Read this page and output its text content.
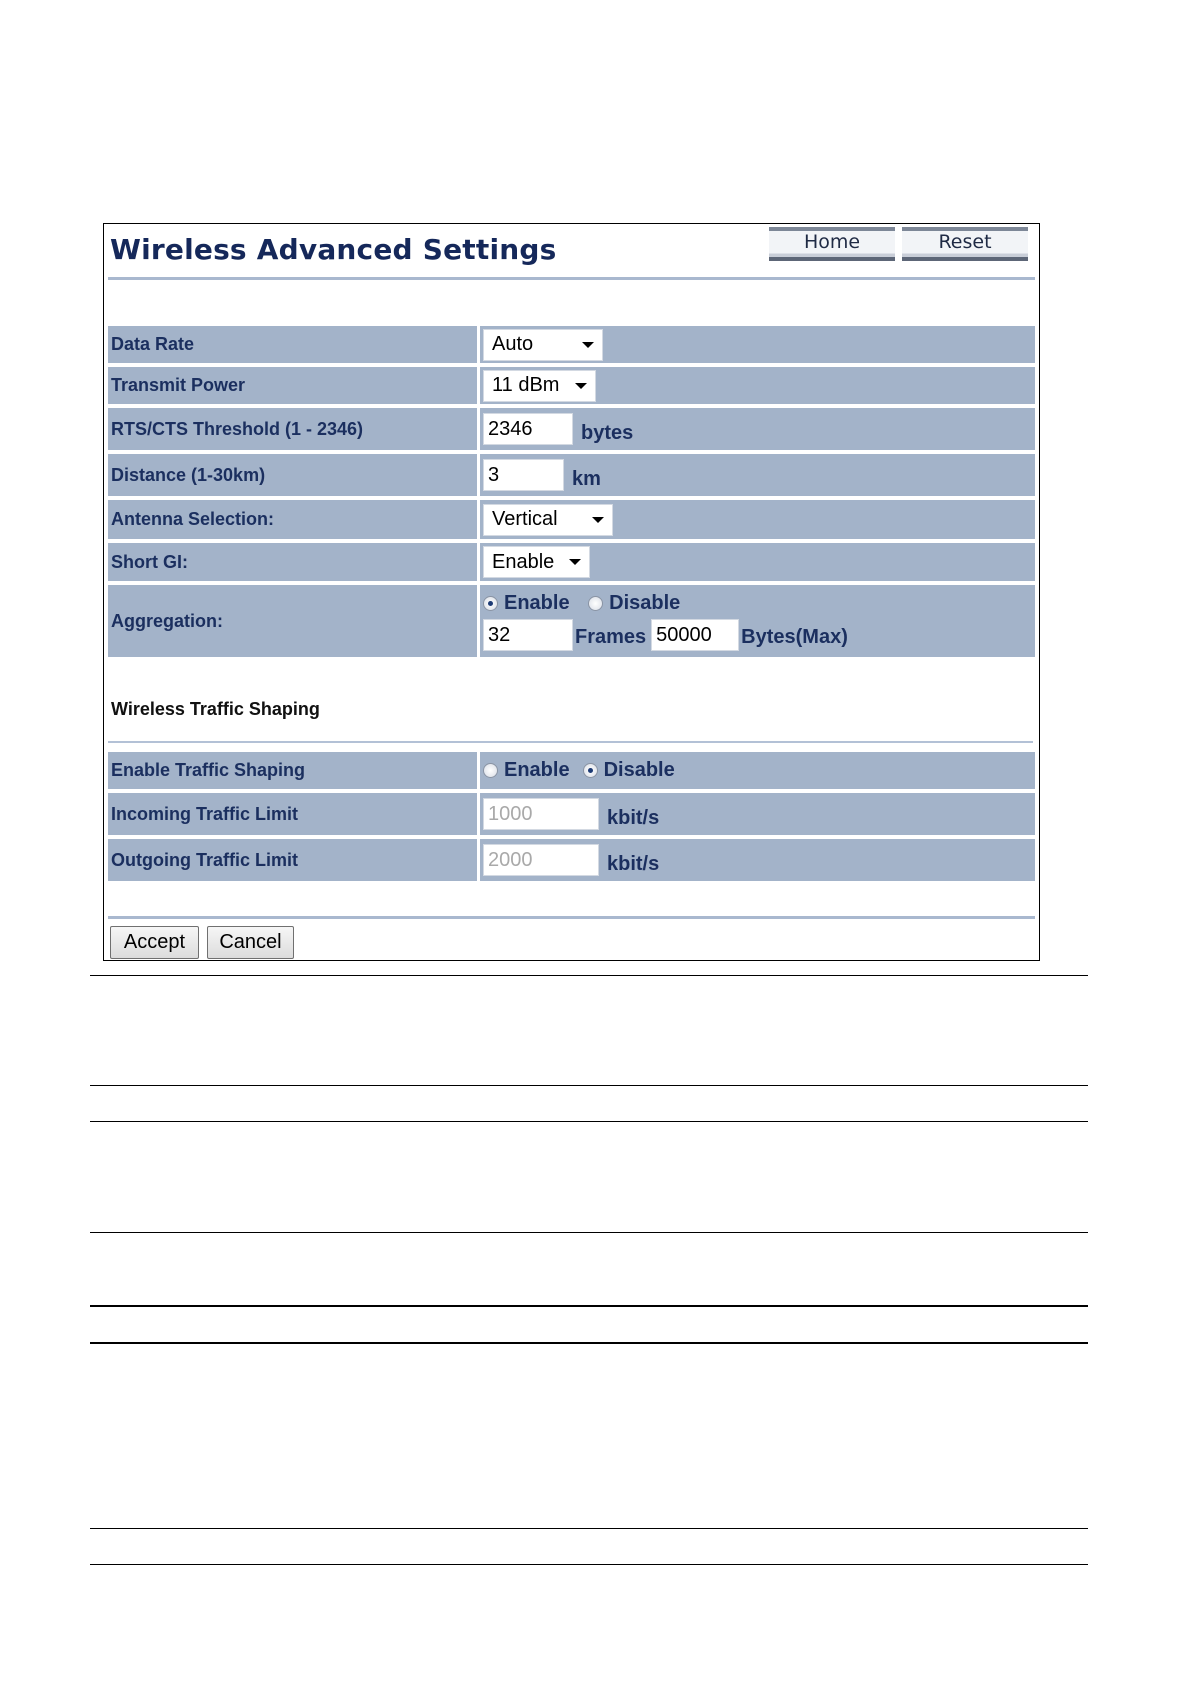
Wireless Advanced Settings	Home	Reset
Data Rate	Auto
Transmit Power	11 dBm
RTS/CTS Threshold (1 - 2346)	2346	bytes
Distance (1-30km)	3	km
Antenna Selection:	Vertical
Short GI:	Enable
Aggregation:
Enable Disable
32	Frames 50000	Bytes(Max)
Wireless Traffic Shaping
Enable Traffic Shaping	Enable Disable
Incoming Traffic Limit	1000	kbit/s
Outgoing Traffic Limit	2000	kbit/s
Accept	Cancel
